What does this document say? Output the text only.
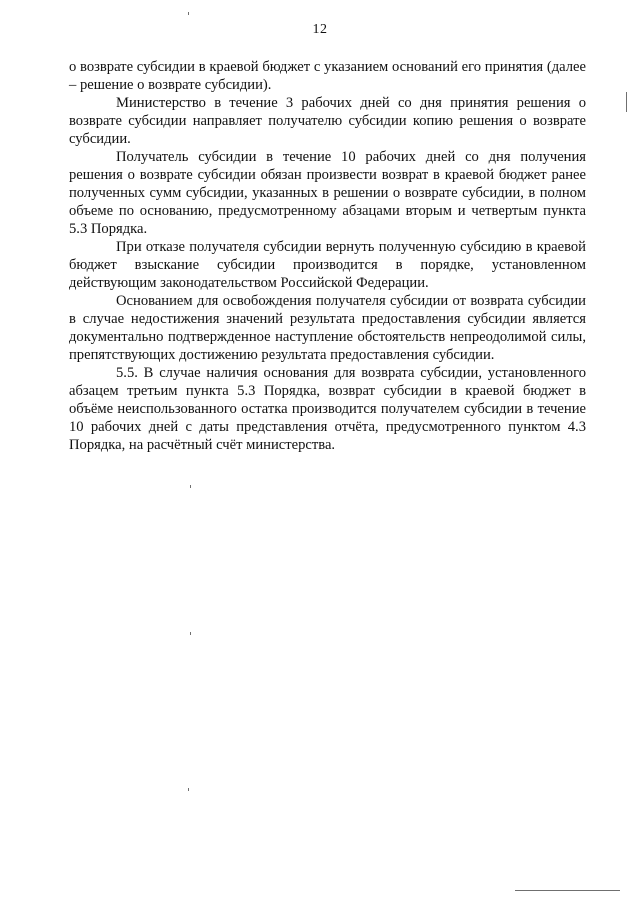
12

о возврате субсидии в краевой бюджет с указанием оснований его принятия (далее – решение о возврате субсидии).

Министерство в течение 3 рабочих дней со дня принятия решения о возврате субсидии направляет получателю субсидии копию решения о возврате субсидии.

Получатель субсидии в течение 10 рабочих дней со дня получения решения о возврате субсидии обязан произвести возврат в краевой бюджет ранее полученных сумм субсидии, указанных в решении о возврате субсидии, в полном объеме по основанию, предусмотренному абзацами вторым и четвертым пункта 5.3 Порядка.

При отказе получателя субсидии вернуть полученную субсидию в краевой бюджет взыскание субсидии производится в порядке, установленном действующим законодательством Российской Федерации.

Основанием для освобождения получателя субсидии от возврата субсидии в случае недостижения значений результата предоставления субсидии является документально подтвержденное наступление обстоятельств непреодолимой силы, препятствующих достижению результата предоставления субсидии.

5.5. В случае наличия основания для возврата субсидии, установленного абзацем третьим пункта 5.3 Порядка, возврат субсидии в краевой бюджет в объёме неиспользованного остатка производится получателем субсидии в течение 10 рабочих дней с даты представления отчёта, предусмотренного пунктом 4.3 Порядка, на расчётный счёт министерства.
